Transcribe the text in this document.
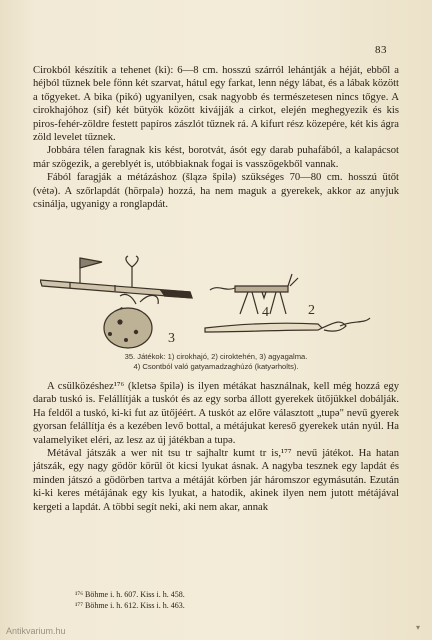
83

Cirokból készítik a tehenet (ki): 6—8 cm. hosszú szárról lehántják a héját, ebből a héjból tűznek bele fönn két szarvat, hátul egy farkat, lenn négy lábat, és a lábak között a tőgyeket. A bika (pikó) ugyanilyen, csak nagyobb és természetesen nincs tőgye. A cirokhajóhoz (sif) két bütyök között kivájják a cirkot, elején meghegyezik és kis piros-fehér-zöldre festett papíros zászlót tűznek rá. A kifurt rész közepére, két kis ágra zöld levelet tűznek.

Jobbára télen faragnak kis kést, borotvát, ásót egy darab puhafából, a kalapácsot már szögezik, a gereblyét is, utóbbiaknak fogai is vasszögekből vannak.

Fából faragják a métázáshoz (šlązə špilə) szükséges 70—80 cm. hosszú ütőt (vėtə). A szőrlapdát (hörpalə) hozzá, ha nem maguk a gyerekek, akkor az anyjuk csinálja, ugyanigy a ronglapdát.

2
3
4
35. Játékok: 1) cirokhajó, 2) ciroktehén, 3) agyagalma.
4) Csontból való gatyamadzaghúzó (katyərholts).

A csülközéshez¹⁷⁶ (kletsə špilə) is ilyen métákat használnak, kell még hozzá egy darab tuskó is. Felállítják a tuskót és az egy sorba állott gyerekek ütőjükkel dobálják. Ha feldől a tuskó, ki-ki fut az ütőjéért. A tuskót az előre választott „tupə" nevű gyerek gyorsan felállítja és a kezében levő bottal, a métájukat kereső gyerekek után nyúl. Ha valamelyiket eléri, az lesz az új játékban a tupə.

Métával játszák a wer nit tsu tr sajhaltr kumt tr is,¹⁷⁷ nevű játékot. Ha hatan játszák, egy nagy gödör körül öt kicsi lyukat ásnak. A nagyba tesznek egy lapdát és minden játszó a gödörben tartva a métáját körben jár háromszor egymásután. Ezután ki-ki keres métájának egy kis lyukat, a hatodik, akinek ilyen nem jutott métájával kergeti a lapdát. A többi segít neki, aki nem akar, annak

¹⁷⁶ Böhme i. h. 607. Kiss i. h. 458.
¹⁷⁷ Böhme i. h. 612. Kiss i. h. 463.
Antikvarium.hu	▾
